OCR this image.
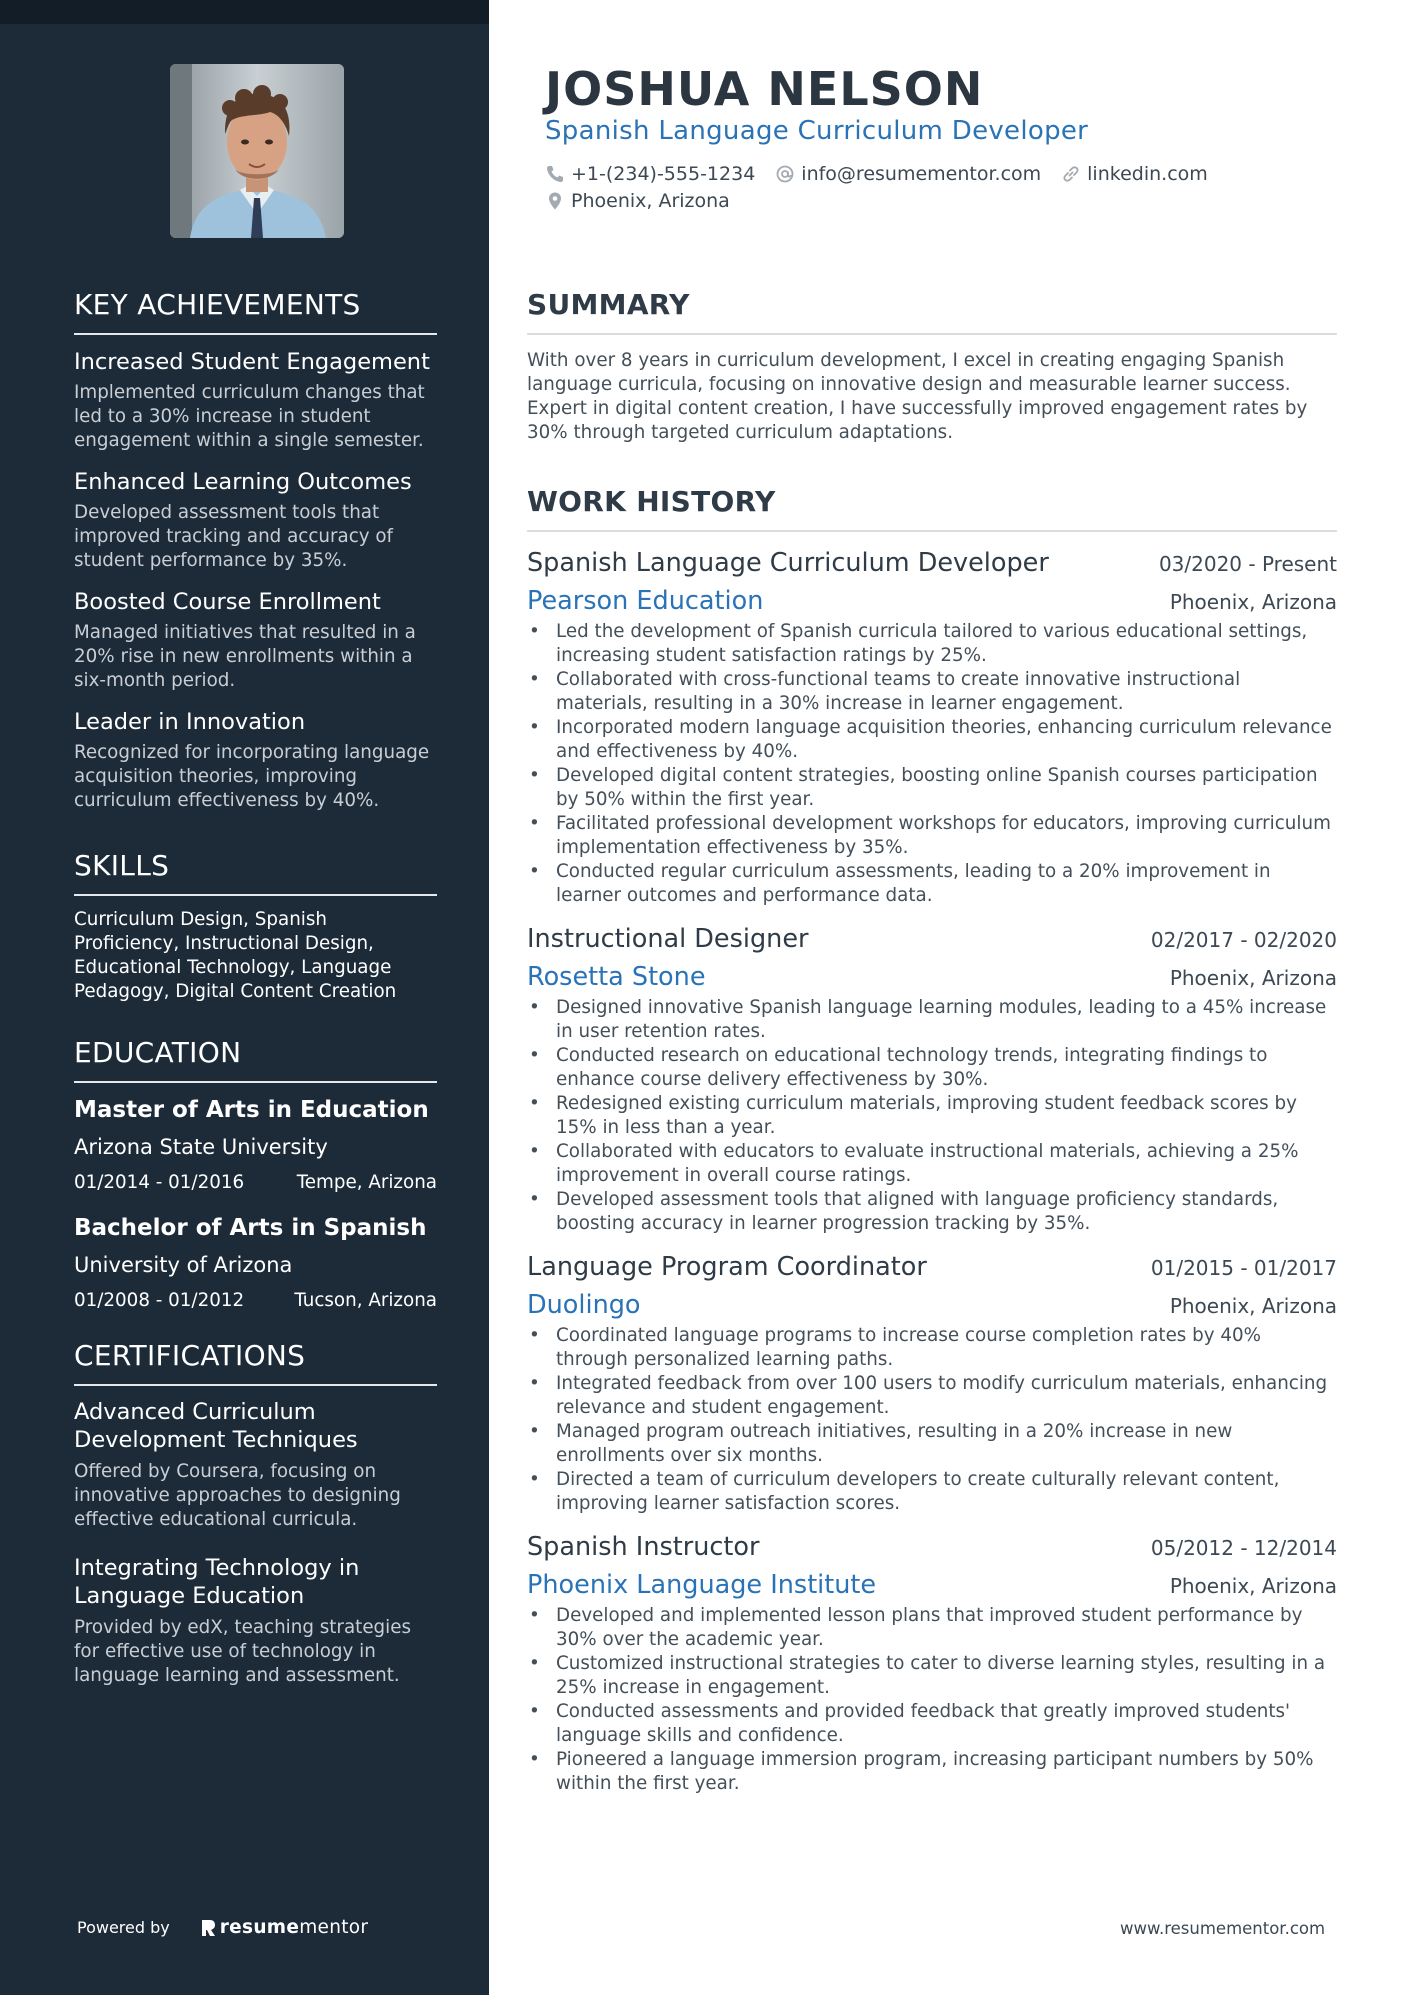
KEY ACHIEVEMENTS
Increased Student Engagement
Implemented curriculum changes that led to a 30% increase in student engagement within a single semester.
Enhanced Learning Outcomes
Developed assessment tools that improved tracking and accuracy of student performance by 35%.
Boosted Course Enrollment
Managed initiatives that resulted in a 20% rise in new enrollments within a six-month period.
Leader in Innovation
Recognized for incorporating language acquisition theories, improving curriculum effectiveness by 40%.
SKILLS
Curriculum Design, Spanish Proficiency, Instructional Design, Educational Technology, Language Pedagogy, Digital Content Creation
EDUCATION
Master of Arts in Education
Arizona State University
01/2014 - 01/2016	Tempe, Arizona
Bachelor of Arts in Spanish
University of Arizona
01/2008 - 01/2012	Tucson, Arizona
CERTIFICATIONS
Advanced Curriculum Development Techniques
Offered by Coursera, focusing on innovative approaches to designing effective educational curricula.
Integrating Technology in Language Education
Provided by edX, teaching strategies for effective use of technology in language learning and assessment.
Powered by	resume mentor
JOSHUA NELSON
Spanish Language Curriculum Developer
+1-(234)-555-1234 info@resumementor.com linkedin.com
Phoenix, Arizona
SUMMARY

With over 8 years in curriculum development, I excel in creating engaging Spanish language curricula, focusing on innovative design and measurable learner success. Expert in digital content creation, I have successfully improved engagement rates by 30% through targeted curriculum adaptations.

WORK HISTORY
Spanish Language Curriculum Developer	03/2020 - Present
Pearson Education	Phoenix, Arizona
• Led the development of Spanish curricula tailored to various educational settings, increasing student satisfaction ratings by 25%.
• Collaborated with cross-functional teams to create innovative instructional materials, resulting in a 30% increase in learner engagement.
• Incorporated modern language acquisition theories, enhancing curriculum relevance and effectiveness by 40%.
• Developed digital content strategies, boosting online Spanish courses participation by 50% within the first year.
• Facilitated professional development workshops for educators, improving curriculum implementation effectiveness by 35%.
• Conducted regular curriculum assessments, leading to a 20% improvement in learner outcomes and performance data.
Instructional Designer	02/2017 - 02/2020
Rosetta Stone	Phoenix, Arizona
• Designed innovative Spanish language learning modules, leading to a 45% increase in user retention rates.
• Conducted research on educational technology trends, integrating findings to enhance course delivery effectiveness by 30%.
• Redesigned existing curriculum materials, improving student feedback scores by 15% in less than a year.
• Collaborated with educators to evaluate instructional materials, achieving a 25% improvement in overall course ratings.
• Developed assessment tools that aligned with language proficiency standards, boosting accuracy in learner progression tracking by 35%.
Language Program Coordinator	01/2015 - 01/2017
Duolingo	Phoenix, Arizona
• Coordinated language programs to increase course completion rates by 40% through personalized learning paths.
• Integrated feedback from over 100 users to modify curriculum materials, enhancing relevance and student engagement.
• Managed program outreach initiatives, resulting in a 20% increase in new enrollments over six months.
• Directed a team of curriculum developers to create culturally relevant content, improving learner satisfaction scores.
Spanish Instructor	05/2012 - 12/2014
Phoenix Language Institute	Phoenix, Arizona
• Developed and implemented lesson plans that improved student performance by 30% over the academic year.
• Customized instructional strategies to cater to diverse learning styles, resulting in a 25% increase in engagement.
• Conducted assessments and provided feedback that greatly improved students' language skills and confidence.
• Pioneered a language immersion program, increasing participant numbers by 50% within the first year.
www.resumementor.com
